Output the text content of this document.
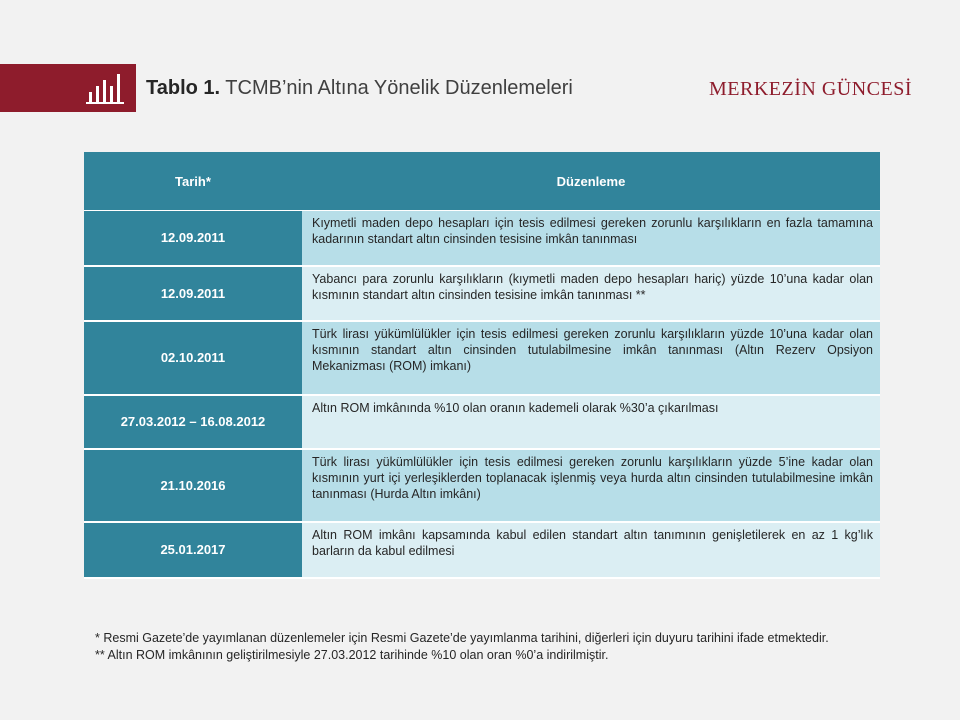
Tablo 1. TCMB’nin Altına Yönelik Düzenlemeleri	MERKEZİN GÜNCESİ
Tarih*	Düzenleme
12.09.2011	Kıymetli maden depo hesapları için tesis edilmesi gereken zorunlu karşılıkların en fazla tamamına kadarının standart altın cinsinden tesisine imkân tanınması
12.09.2011	Yabancı para zorunlu karşılıkların (kıymetli maden depo hesapları hariç) yüzde 10’una kadar olan kısmının standart altın cinsinden tesisine imkân tanınması **
02.10.2011	Türk lirası yükümlülükler için tesis edilmesi gereken zorunlu karşılıkların yüzde 10’una kadar olan kısmının standart altın cinsinden tutulabilmesine imkân tanınması (Altın Rezerv Opsiyon Mekanizması (ROM) imkanı)
27.03.2012 – 16.08.2012	Altın ROM imkânında %10 olan oranın kademeli olarak %30’a çıkarılması
21.10.2016	Türk lirası yükümlülükler için tesis edilmesi gereken zorunlu karşılıkların yüzde 5’ine kadar olan kısmının yurt içi yerleşiklerden toplanacak işlenmiş veya hurda altın cinsinden tutulabilmesine imkân tanınması (Hurda Altın imkânı)
25.01.2017	Altın ROM imkânı kapsamında kabul edilen standart altın tanımının genişletilerek en az 1 kg’lık barların da kabul edilmesi

* Resmi Gazete’de yayımlanan düzenlemeler için Resmi Gazete’de yayımlanma tarihini, diğerleri için duyuru tarihini ifade etmektedir.

** Altın ROM imkânının geliştirilmesiyle 27.03.2012 tarihinde %10 olan oran %0’a indirilmiştir.
